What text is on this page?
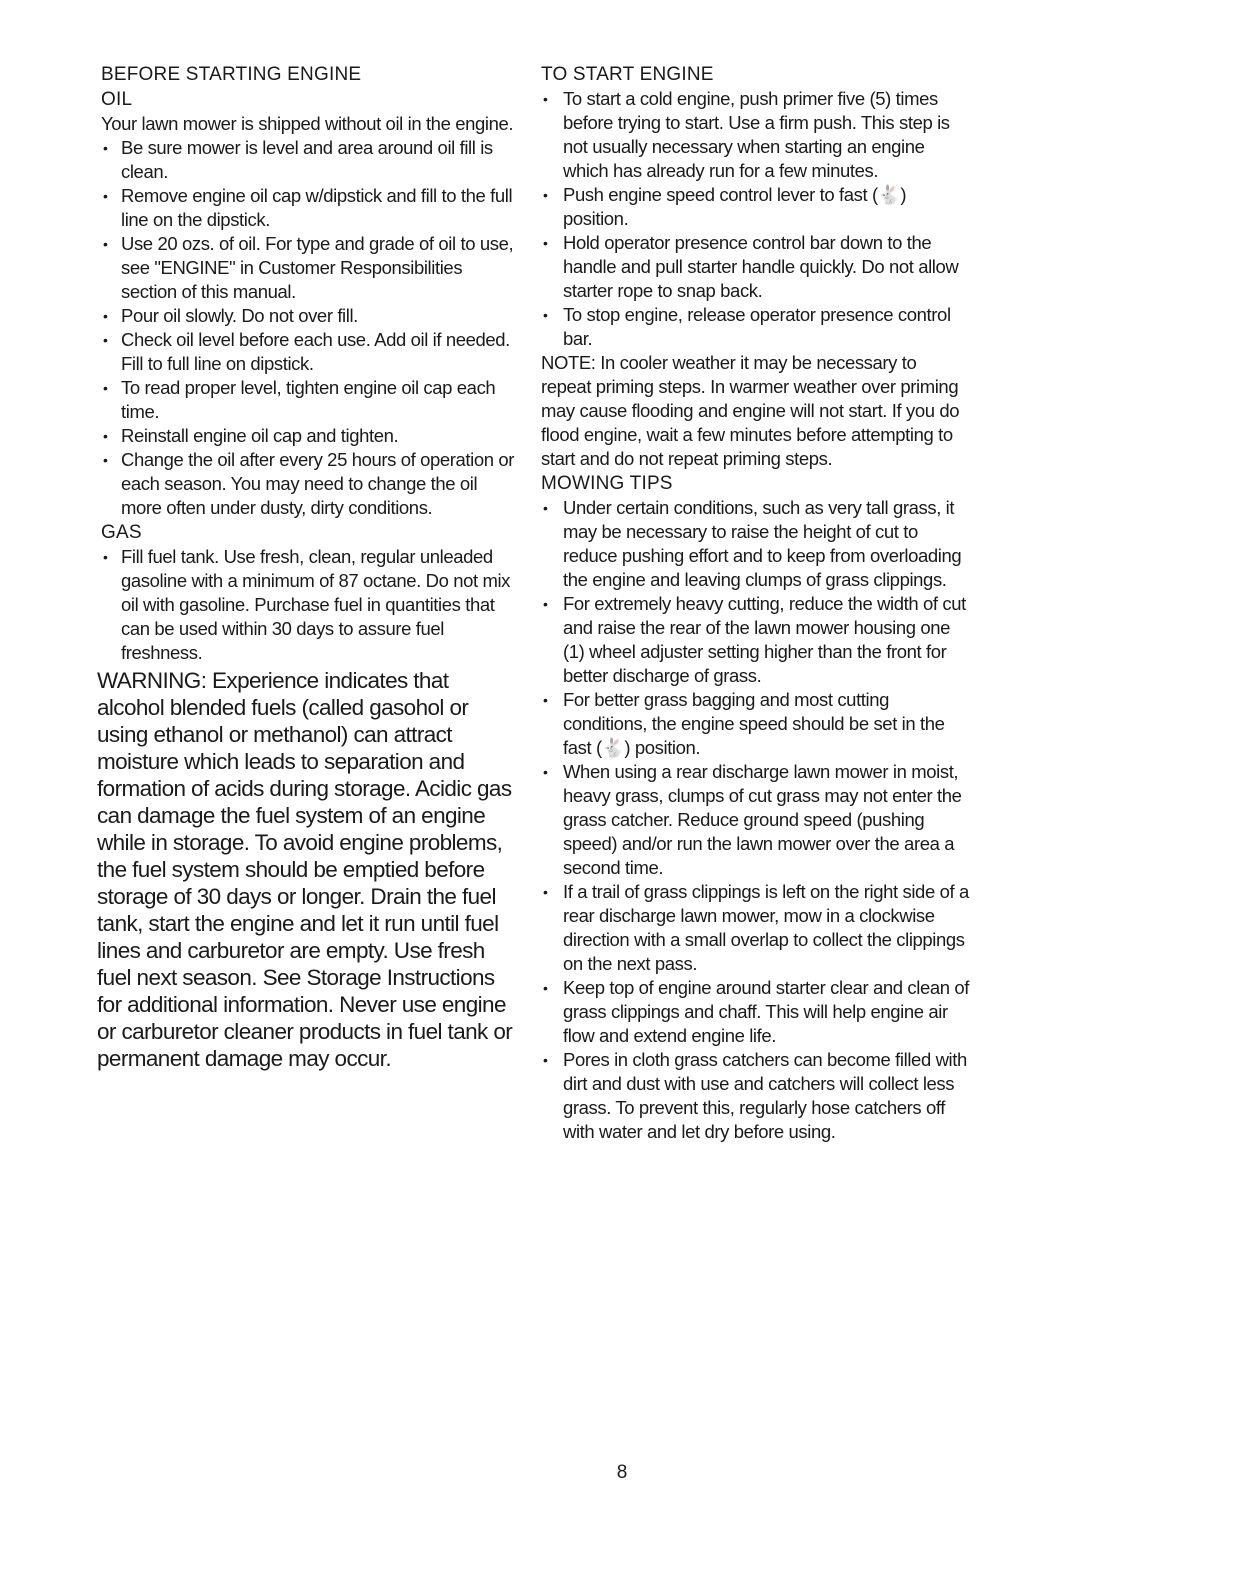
BEFORE STARTING ENGINE
OIL

Your lawn mower is shipped without oil in the engine.

• Be sure mower is level and area around oil fill is clean.
• Remove engine oil cap w/dipstick and fill to the full line on the dipstick.
• Use 20 ozs. of oil. For type and grade of oil to use, see "ENGINE" in Customer Responsibilities section of this manual.
• Pour oil slowly. Do not over fill.
• Check oil level before each use. Add oil if needed. Fill to full line on dipstick.
• To read proper level, tighten engine oil cap each time.
• Reinstall engine oil cap and tighten.
• Change the oil after every 25 hours of operation or each season. You may need to change the oil more often under dusty, dirty conditions.
GAS
• Fill fuel tank. Use fresh, clean, regular unleaded gasoline with a minimum of 87 octane. Do not mix oil with gasoline. Purchase fuel in quantities that can be used within 30 days to assure fuel freshness.

WARNING: Experience indicates that alcohol blended fuels (called gasohol or using ethanol or methanol) can attract moisture which leads to separation and formation of acids during storage. Acidic gas can damage the fuel system of an engine while in storage. To avoid engine problems, the fuel system should be emptied before storage of 30 days or longer. Drain the fuel tank, start the engine and let it run until fuel lines and carburetor are empty. Use fresh fuel next season. See Storage Instructions for additional information. Never use engine or carburetor cleaner products in fuel tank or permanent damage may occur.

TO START ENGINE
• To start a cold engine, push primer five (5) times before trying to start. Use a firm push. This step is not usually necessary when starting an engine which has already run for a few minutes.
• Push engine speed control lever to fast (🐇) position.
• Hold operator presence control bar down to the handle and pull starter handle quickly. Do not allow starter rope to snap back.
• To stop engine, release operator presence control bar.

NOTE: In cooler weather it may be necessary to repeat priming steps. In warmer weather over priming may cause flooding and engine will not start. If you do flood engine, wait a few minutes before attempting to start and do not repeat priming steps.

MOWING TIPS
• Under certain conditions, such as very tall grass, it may be necessary to raise the height of cut to reduce pushing effort and to keep from overloading the engine and leaving clumps of grass clippings.
• For extremely heavy cutting, reduce the width of cut and raise the rear of the lawn mower housing one (1) wheel adjuster setting higher than the front for better discharge of grass.
• For better grass bagging and most cutting conditions, the engine speed should be set in the fast (🐇) position.
• When using a rear discharge lawn mower in moist, heavy grass, clumps of cut grass may not enter the grass catcher. Reduce ground speed (pushing speed) and/or run the lawn mower over the area a second time.
• If a trail of grass clippings is left on the right side of a rear discharge lawn mower, mow in a clockwise direction with a small overlap to collect the clippings on the next pass.
• Keep top of engine around starter clear and clean of grass clippings and chaff. This will help engine air flow and extend engine life.
• Pores in cloth grass catchers can become filled with dirt and dust with use and catchers will collect less grass. To prevent this, regularly hose catchers off with water and let dry before using.
8
